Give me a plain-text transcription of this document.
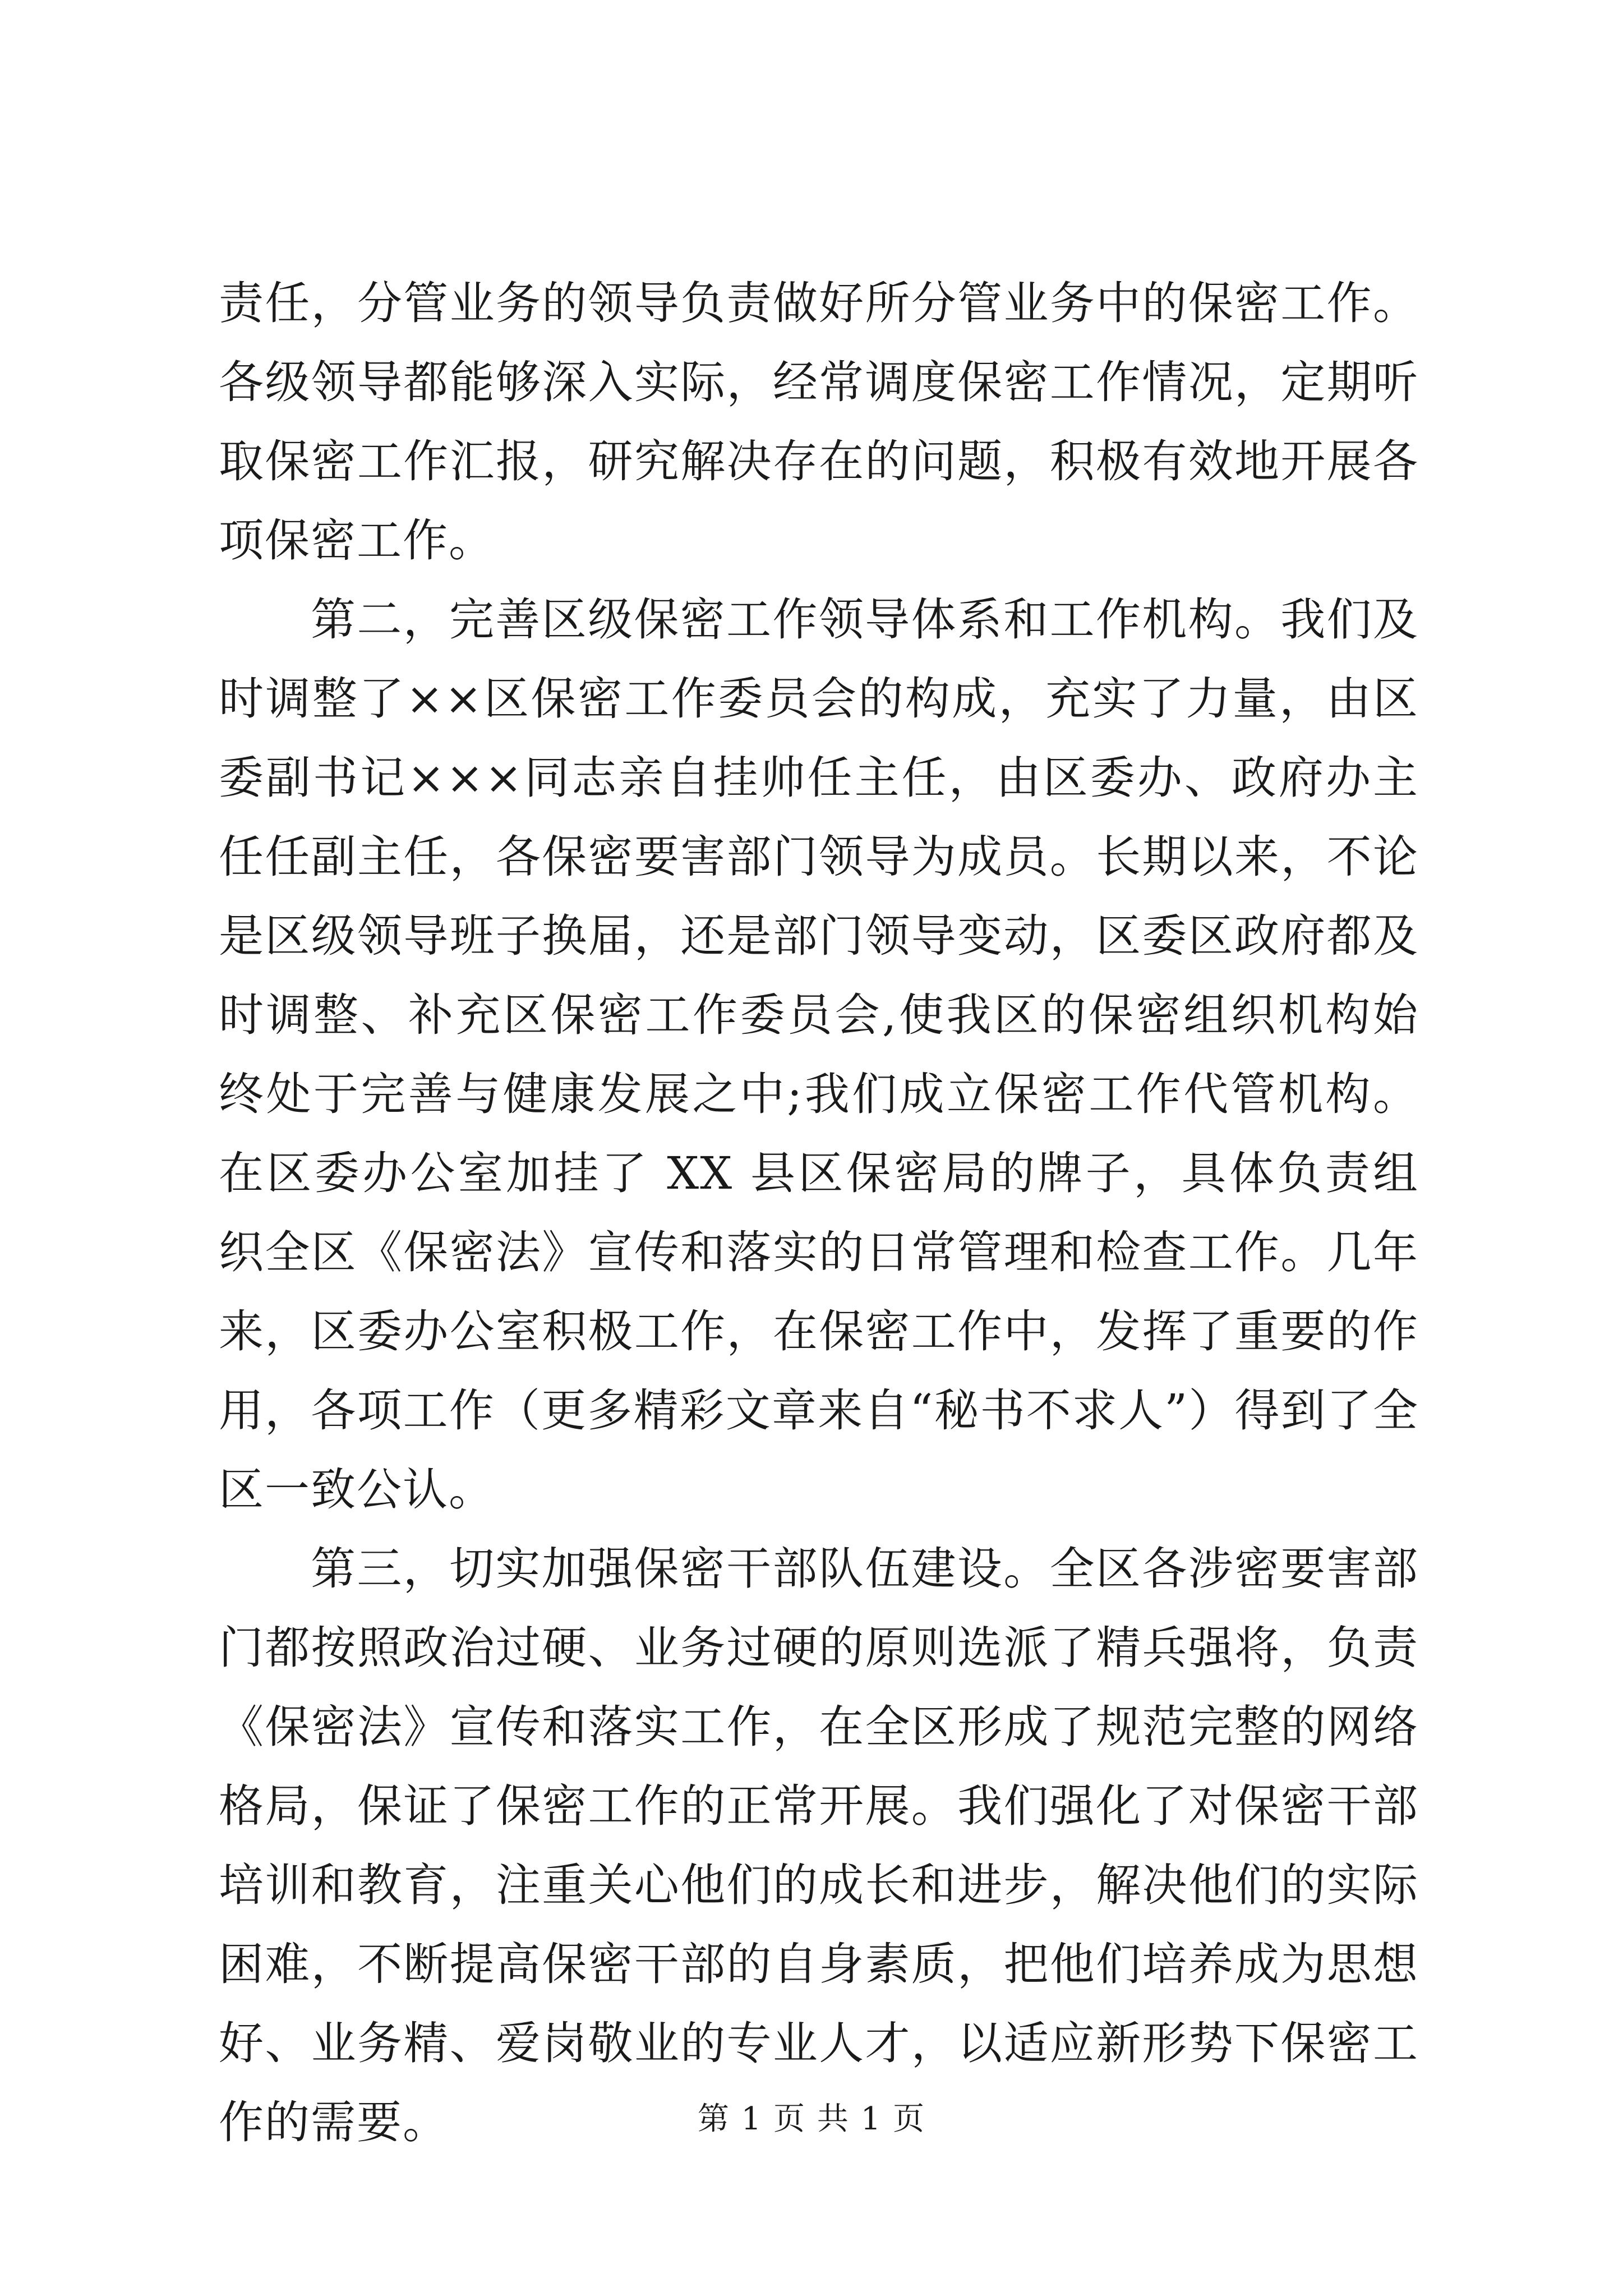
责任，分管业务的领导负责做好所分管业务中的保密工作。各级领导都能够深入实际，经常调度保密工作情况，定期听取保密工作汇报，研究解决存在的问题，积极有效地开展各项保密工作。

第二，完善区级保密工作领导体系和工作机构。我们及时调整了××区保密工作委员会的构成，充实了力量，由区委副书记×××同志亲自挂帅任主任，由区委办、政府办主任任副主任，各保密要害部门领导为成员。长期以来，不论是区级领导班子换届，还是部门领导变动，区委区政府都及时调整、补充区保密工作委员会,使我区的保密组织机构始终处于完善与健康发展之中;我们成立保密工作代管机构。在区委办公室加挂了 XX 县区保密局的牌子，具体负责组织全区《保密法》宣传和落实的日常管理和检查工作。几年来，区委办公室积极工作，在保密工作中，发挥了重要的作用，各项工作（更多精彩文章来自“秘书不求人”）得到了全区一致公认。

第三，切实加强保密干部队伍建设。全区各涉密要害部门都按照政治过硬、业务过硬的原则选派了精兵强将，负责《保密法》宣传和落实工作，在全区形成了规范完整的网络格局，保证了保密工作的正常开展。我们强化了对保密干部培训和教育，注重关心他们的成长和进步，解决他们的实际困难，不断提高保密干部的自身素质，把他们培养成为思想好、业务精、爱岗敬业的专业人才，以适应新形势下保密工作的需要。	第 1 页 共 1 页
